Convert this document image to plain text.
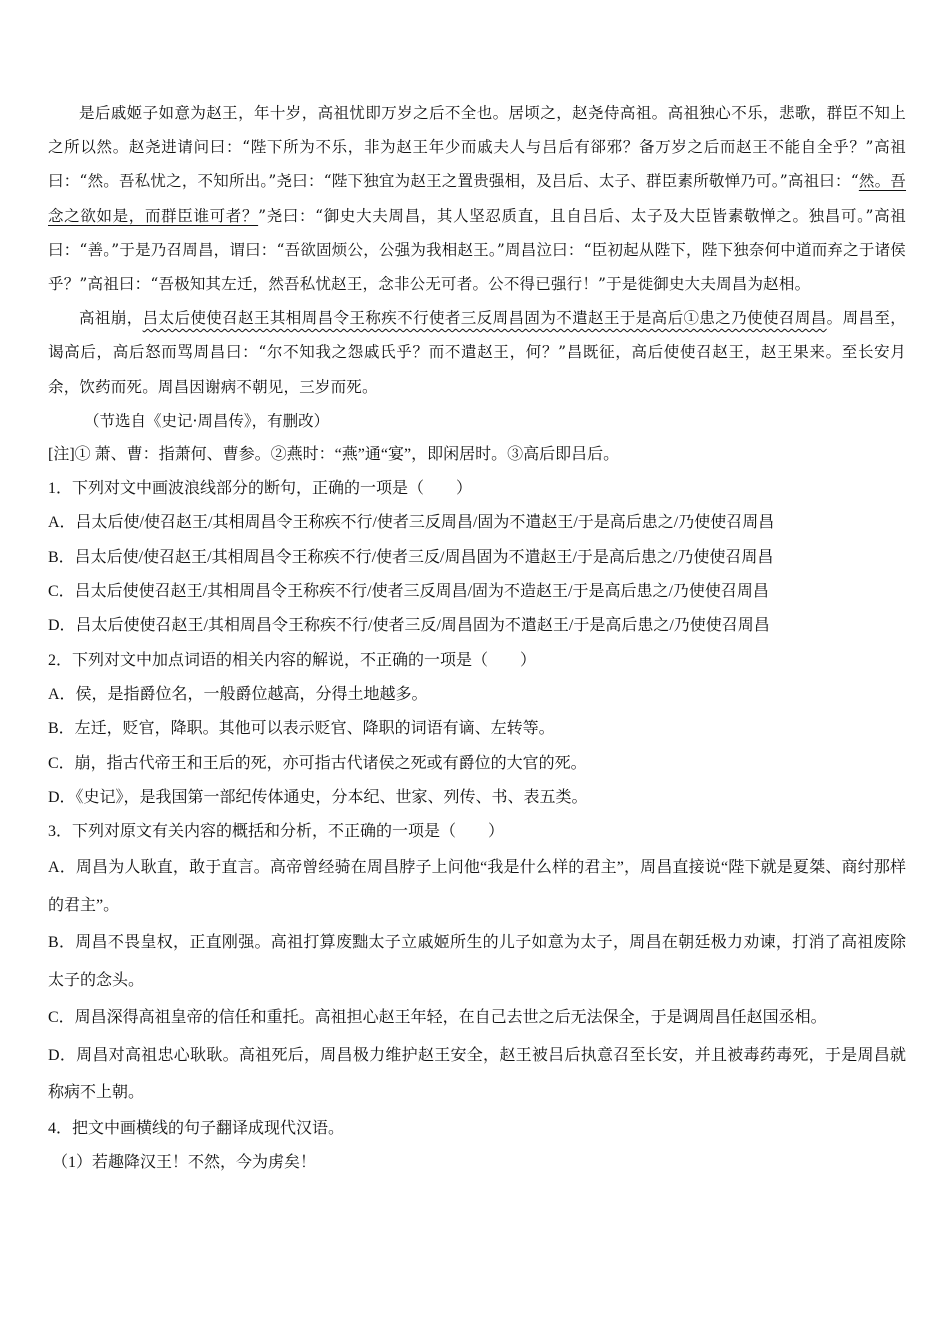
是后戚姬子如意为赵王，年十岁，高祖忧即万岁之后不全也。居顷之，赵尧侍高祖。高祖独心不乐，悲歌，群臣不知上之所以然。赵尧进请问曰：“陛下所为不乐，非为赵王年少而戚夫人与吕后有郤邪？备万岁之后而赵王不能自全乎？”高祖曰：“然。吾私忧之，不知所出。”尧曰：“陛下独宜为赵王之置贵强相，及吕后、太子、群臣素所敬惮乃可。”高祖曰：“然。吾念之欲如是，而群臣谁可者？”尧曰：“御史大夫周昌，其人坚忍质直，且自吕后、太子及大臣皆素敬惮之。独昌可。”高祖曰：“善。”于是乃召周昌，谓曰：“吾欲固烦公，公强为我相赵王。”周昌泣曰：“臣初起从陛下，陛下独奈何中道而弃之于诸侯乎？”高祖曰：“吾极知其左迁，然吾私忧赵王，念非公无可者。公不得已强行！”于是徙御史大夫周昌为赵相。

高祖崩，吕太后使使召赵王其相周昌令王称疾不行使者三反周昌固为不遣赵王于是高后①患之乃使使召周昌。周昌至，谒高后，高后怒而骂周昌曰：“尔不知我之怨戚氏乎？而不遣赵王，何？”昌既征，高后使使召赵王，赵王果来。至长安月余，饮药而死。周昌因谢病不朝见，三岁而死。

（节选自《史记·周昌传》，有删改）

[注]① 萧、曹：指萧何、曹参。②燕时：“燕”通“宴”，即闲居时。③高后即吕后。

1．下列对文中画波浪线部分的断句，正确的一项是（　　）

A．吕太后使/使召赵王/其相周昌令王称疾不行/使者三反周昌/固为不遣赵王/于是高后患之/乃使使召周昌

B．吕太后使/使召赵王/其相周昌令王称疾不行/使者三反/周昌固为不遣赵王/于是高后患之/乃使使召周昌

C．吕太后使使召赵王/其相周昌令王称疾不行/使者三反周昌/固为不造赵王/于是高后患之/乃使使召周昌

D．吕太后使使召赵王/其相周昌令王称疾不行/使者三反/周昌固为不遣赵王/于是高后患之/乃使使召周昌

2．下列对文中加点词语的相关内容的解说，不正确的一项是（　　）

A．侯，是指爵位名，一般爵位越高，分得土地越多。

B．左迁，贬官，降职。其他可以表示贬官、降职的词语有谪、左转等。

C．崩，指古代帝王和王后的死，亦可指古代诸侯之死或有爵位的大官的死。

D．《史记》，是我国第一部纪传体通史，分本纪、世家、列传、书、表五类。

3．下列对原文有关内容的概括和分析，不正确的一项是（　　）

A．周昌为人耿直，敢于直言。高帝曾经骑在周昌脖子上问他“我是什么样的君主”，周昌直接说“陛下就是夏桀、商纣那样的君主”。

B．周昌不畏皇权，正直刚强。高祖打算废黜太子立戚姬所生的儿子如意为太子，周昌在朝廷极力劝谏，打消了高祖废除太子的念头。

C．周昌深得高祖皇帝的信任和重托。高祖担心赵王年轻，在自己去世之后无法保全，于是调周昌任赵国丞相。

D．周昌对高祖忠心耿耿。高祖死后，周昌极力维护赵王安全，赵王被吕后执意召至长安，并且被毒药毒死，于是周昌就称病不上朝。

4．把文中画横线的句子翻译成现代汉语。

（1）若趣降汉王！不然，今为虏矣！
